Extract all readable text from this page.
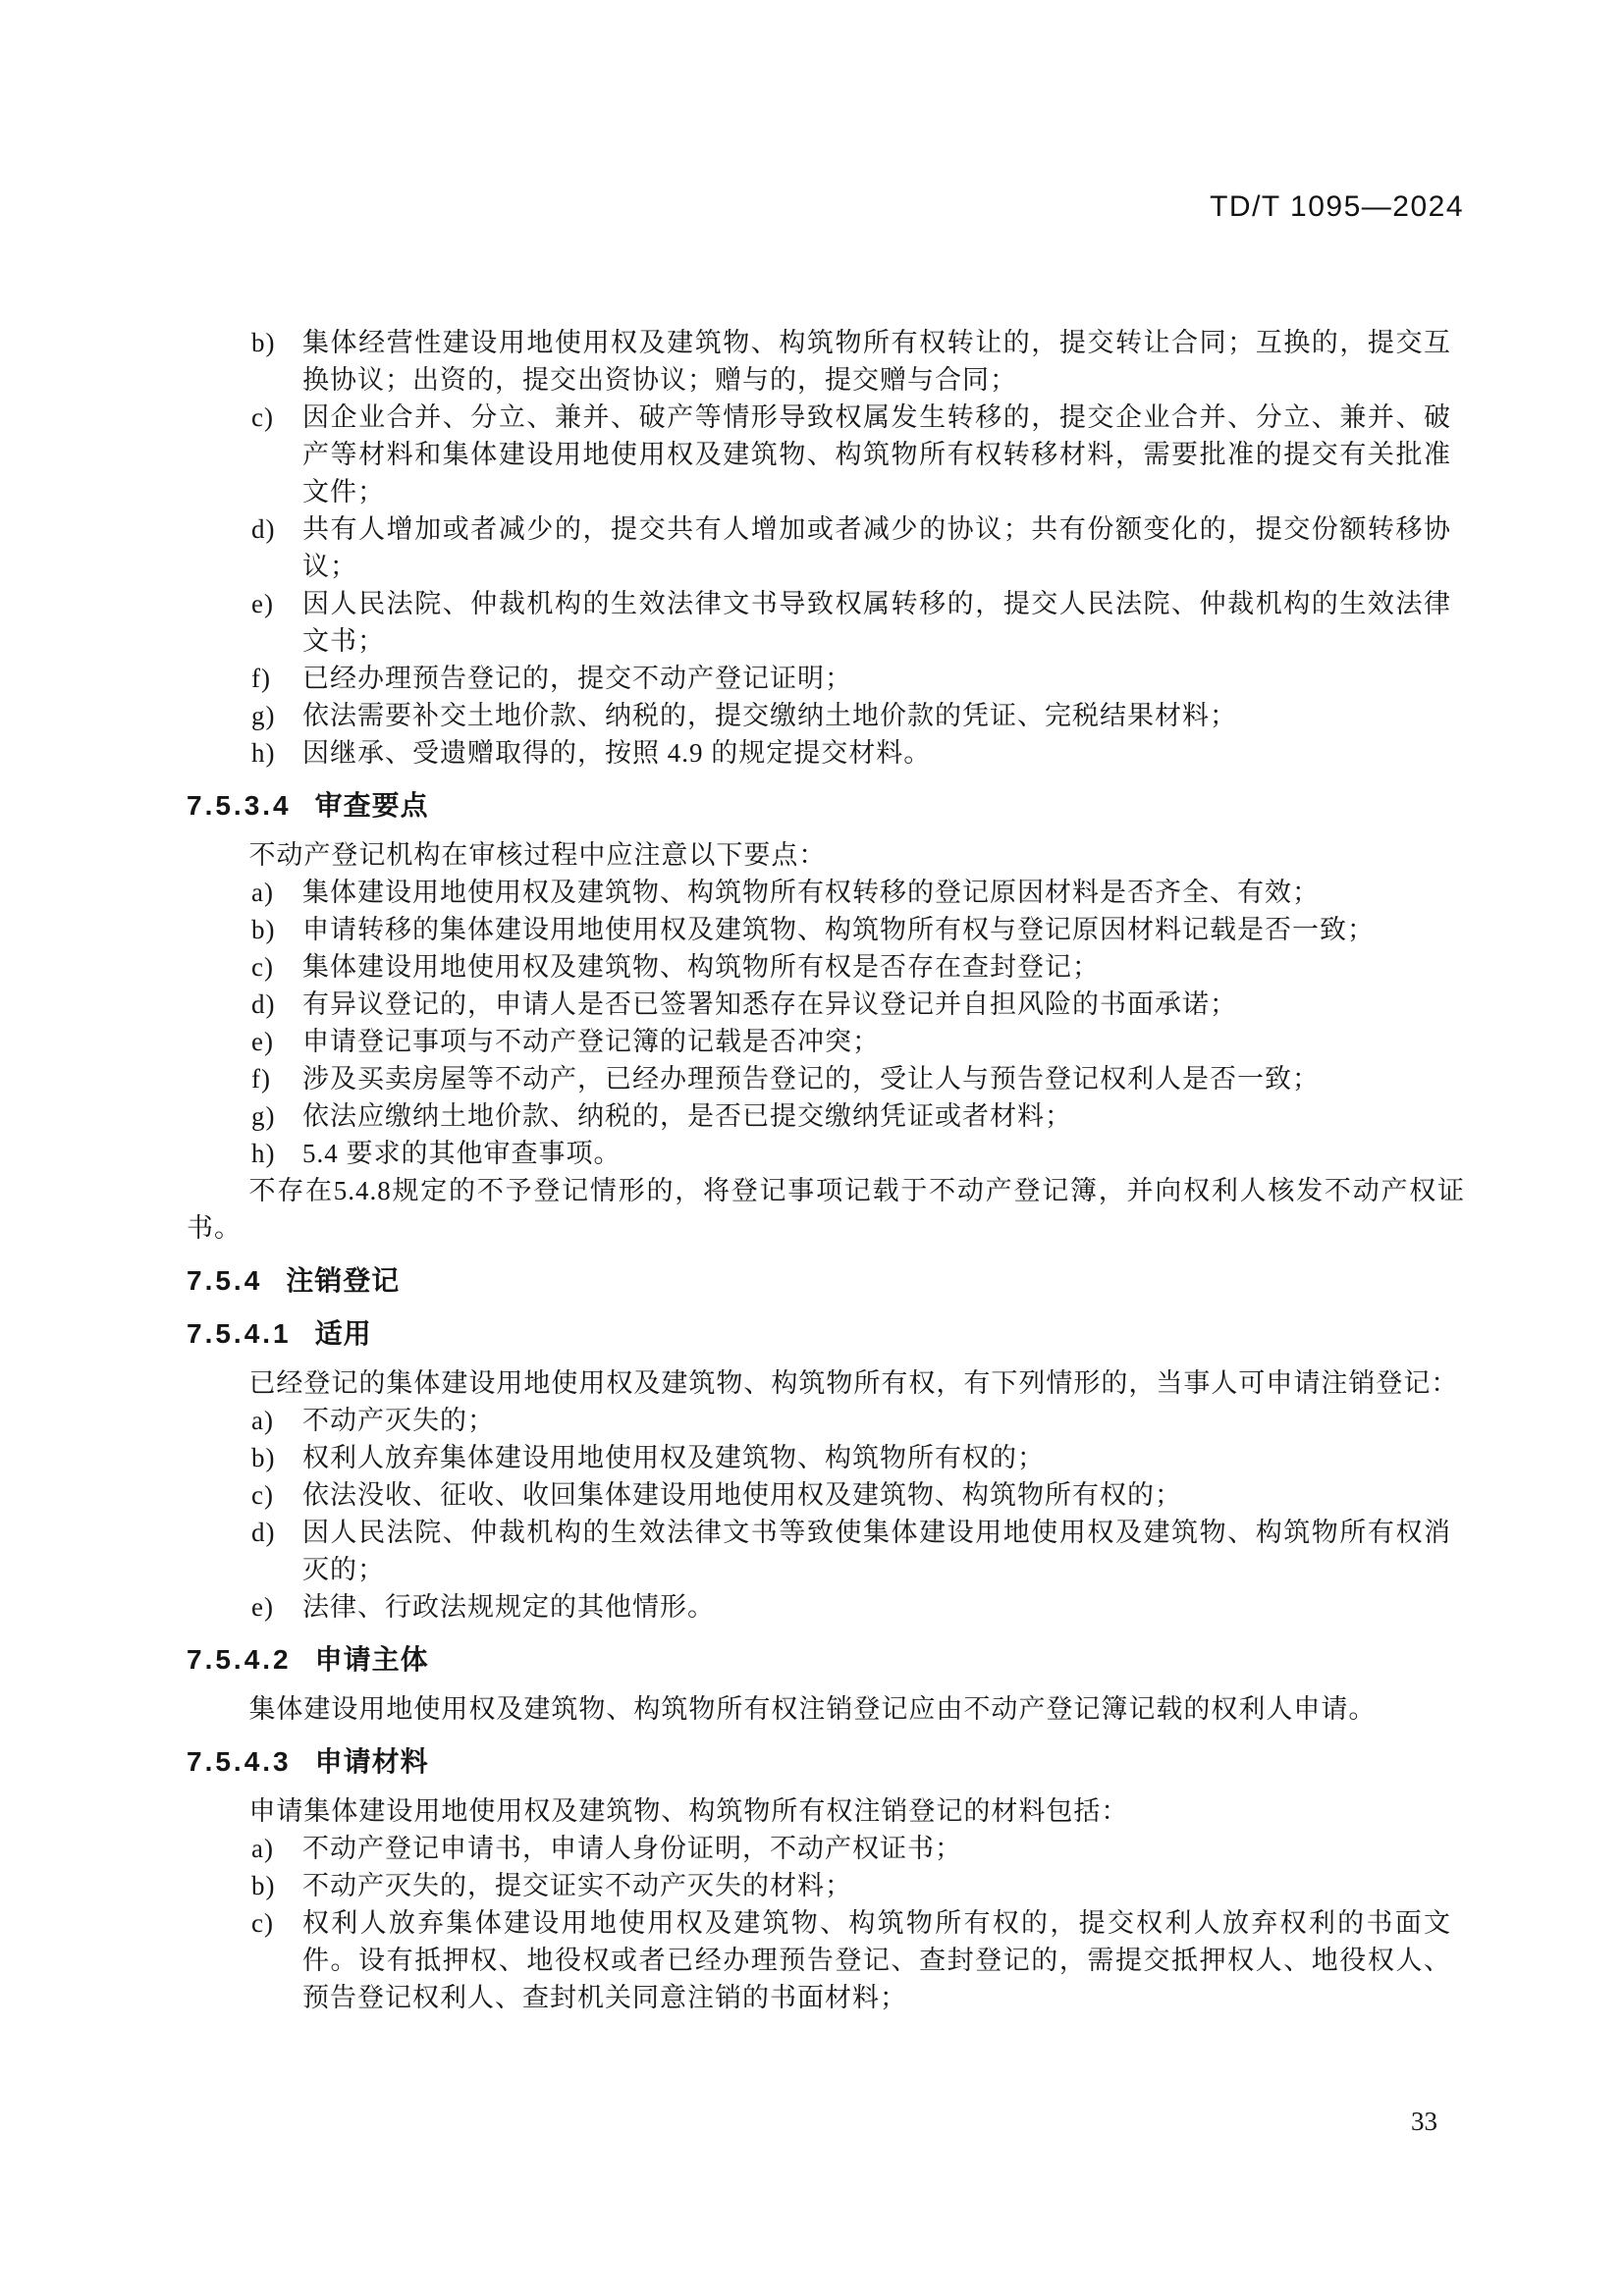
TD/T 1095—2024
b)	集体经营性建设用地使用权及建筑物、构筑物所有权转让的，提交转让合同；互换的，提交互换协议；出资的，提交出资协议；赠与的，提交赠与合同；
c)	因企业合并、分立、兼并、破产等情形导致权属发生转移的，提交企业合并、分立、兼并、破产等材料和集体建设用地使用权及建筑物、构筑物所有权转移材料，需要批准的提交有关批准文件；
d)	共有人增加或者减少的，提交共有人增加或者减少的协议；共有份额变化的，提交份额转移协议；
e)	因人民法院、仲裁机构的生效法律文书导致权属转移的，提交人民法院、仲裁机构的生效法律文书；
f)	已经办理预告登记的，提交不动产登记证明；
g)	依法需要补交土地价款、纳税的，提交缴纳土地价款的凭证、完税结果材料；
h)	因继承、受遗赠取得的，按照 4.9 的规定提交材料。
7.5.3.4 审查要点

不动产登记机构在审核过程中应注意以下要点：

a)	集体建设用地使用权及建筑物、构筑物所有权转移的登记原因材料是否齐全、有效；
b)	申请转移的集体建设用地使用权及建筑物、构筑物所有权与登记原因材料记载是否一致；
c)	集体建设用地使用权及建筑物、构筑物所有权是否存在查封登记；
d)	有异议登记的，申请人是否已签署知悉存在异议登记并自担风险的书面承诺；
e)	申请登记事项与不动产登记簿的记载是否冲突；
f)	涉及买卖房屋等不动产，已经办理预告登记的，受让人与预告登记权利人是否一致；
g)	依法应缴纳土地价款、纳税的，是否已提交缴纳凭证或者材料；
h)	5.4 要求的其他审查事项。

不存在5.4.8规定的不予登记情形的，将登记事项记载于不动产登记簿，并向权利人核发不动产权证书。

7.5.4 注销登记
7.5.4.1 适用

已经登记的集体建设用地使用权及建筑物、构筑物所有权，有下列情形的，当事人可申请注销登记：

a)	不动产灭失的；
b)	权利人放弃集体建设用地使用权及建筑物、构筑物所有权的；
c)	依法没收、征收、收回集体建设用地使用权及建筑物、构筑物所有权的；
d)	因人民法院、仲裁机构的生效法律文书等致使集体建设用地使用权及建筑物、构筑物所有权消灭的；
e)	法律、行政法规规定的其他情形。
7.5.4.2 申请主体

集体建设用地使用权及建筑物、构筑物所有权注销登记应由不动产登记簿记载的权利人申请。

7.5.4.3 申请材料

申请集体建设用地使用权及建筑物、构筑物所有权注销登记的材料包括：

a)	不动产登记申请书，申请人身份证明，不动产权证书；
b)	不动产灭失的，提交证实不动产灭失的材料；
c)	权利人放弃集体建设用地使用权及建筑物、构筑物所有权的，提交权利人放弃权利的书面文件。设有抵押权、地役权或者已经办理预告登记、查封登记的，需提交抵押权人、地役权人、预告登记权利人、查封机关同意注销的书面材料；
33
